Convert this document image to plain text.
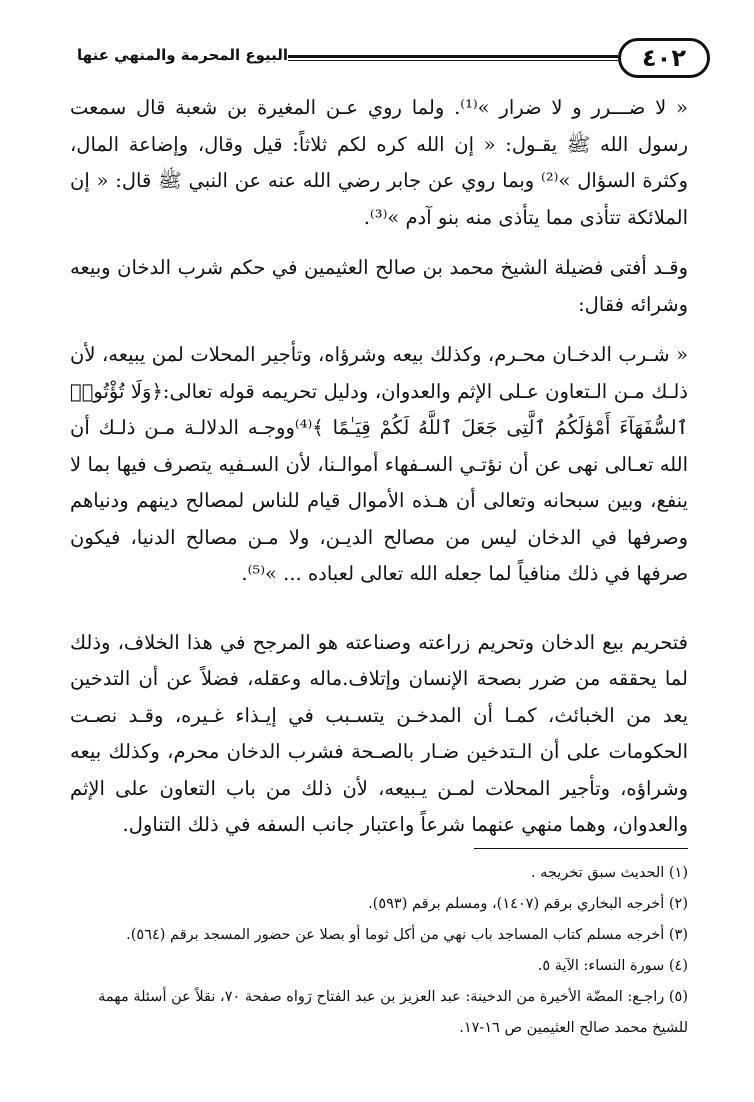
البيوع المحرمة والمنهي عنها	٤٠٢

« لا ضـــرر و لا ضرار »⁽¹⁾. ولما روي عـن المغيرة بن شعبة قال سمعت رسول الله ﷺ يقـول: « إن الله كره لكم ثلاثاً: قيل وقال، وإضاعة المال، وكثرة السؤال »⁽²⁾ وبما روي عن جابر رضي الله عنه عن النبي ﷺ قال: « إن الملائكة تتأذى مما يتأذى منه بنو آدم »⁽³⁾.

وقـد أفتى فضيلة الشيخ محمد بن صالح العثيمين في حكم شرب الدخان وبيعه وشرائه فقال:

« شـرب الدخـان محـرم، وكذلك بيعه وشرؤاه، وتأجير المحلات لمن يبيعه، لأن ذلـك مـن الـتعاون عـلى الإثم والعدوان، ودليل تحريمه قوله تعالى:﴿وَلَا تُؤْتُوا۟ ٱلسُّفَهَآءَ أَمْوَٰلَكُمُ ٱلَّتِى جَعَلَ ٱللَّهُ لَكُمْ قِيَـٰمًا ﴾⁽⁴⁾ووجـه الدلالـة مـن ذلـك أن الله تعـالى نهى عن أن نؤتـي السـفهاء أموالـنا، لأن السـفيه يتصرف فيها بما لا ينفع، وبين سبحانه وتعالى أن هـذه الأموال قيام للناس لمصالح دينهم ودنياهم وصرفها في الدخان ليس من مصالح الديـن، ولا مـن مصالح الدنيا، فيكون صرفها في ذلك منافياً لما جعله الله تعالى لعباده ... »⁽⁵⁾.

فتحريم بيع الدخان وتحريم زراعته وصناعته هو المرجح في هذا الخلاف، وذلك لما يحققه من ضرر بصحة الإنسان وإتلاف.ماله وعقله، فضلاً عن أن التدخين يعد من الخبائث، كمـا أن المدخـن يتسـبب في إيـذاء غـيره، وقـد نصـت الحكومات على أن الـتدخين ضـار بالصـحة فشرب الدخان محرم، وكذلك بيعه وشراؤه، وتأجير المحلات لمـن يـبيعه، لأن ذلك من باب التعاون على الإثم والعدوان، وهما منهي عنهما شرعاً واعتبار جانب السفه في ذلك التناول.

(١) الحديث سبق تخريجه .
(٢) أخرجه البخاري برقم (١٤٠٧)، ومسلم برقم (٥٩٣).
(٣) أخرجه مسلم كتاب المساجد باب نهي من أكل ثوما أو بصلا عن حضور المسجد برقم (٥٦٤).
(٤) سورة النساء: الآية ٥.
(٥) راجـع: المضّة الأخيرة من الدخينة: عبد العزيز بن عبد الفتاح رَواه صفحة ٧٠، نقلاً عن أسئلة مهمة للشيخ محمد صالح العثيمين ص ١٦-١٧.
